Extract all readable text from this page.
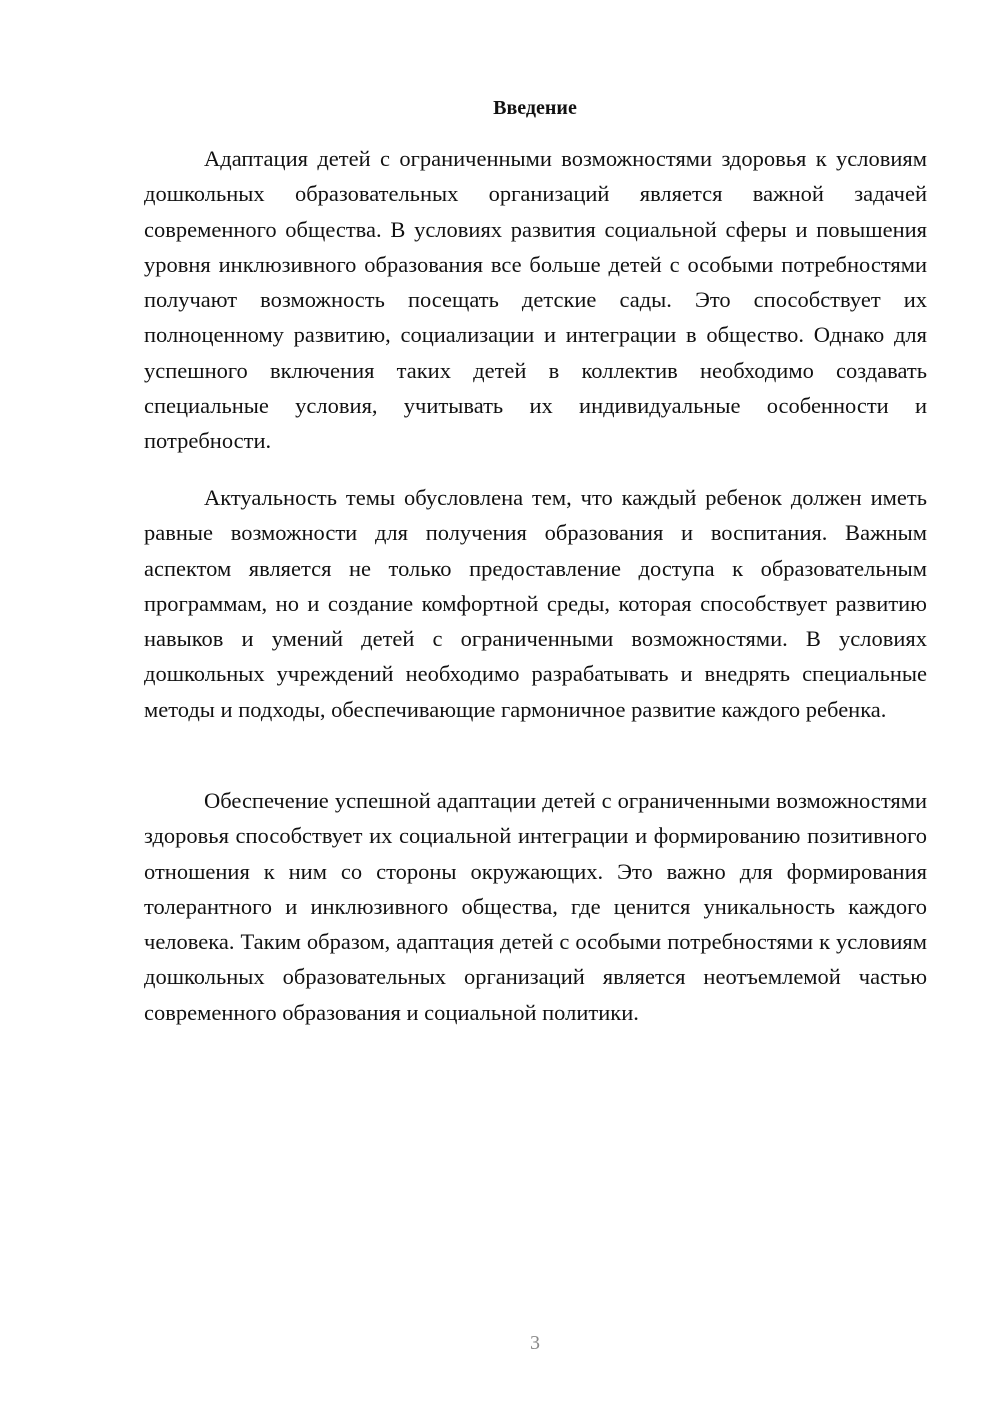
Введение

Адаптация детей с ограниченными возможностями здоровья к условиям дошкольных образовательных организаций является важной задачей современного общества. В условиях развития социальной сферы и повышения уровня инклюзивного образования все больше детей с особыми потребностями получают возможность посещать детские сады. Это способствует их полноценному развитию, социализации и интеграции в общество. Однако для успешного включения таких детей в коллектив необходимо создавать специальные условия, учитывать их индивидуальные особенности и потребности.

Актуальность темы обусловлена тем, что каждый ребенок должен иметь равные возможности для получения образования и воспитания. Важным аспектом является не только предоставление доступа к образовательным программам, но и создание комфортной среды, которая способствует развитию навыков и умений детей с ограниченными возможностями. В условиях дошкольных учреждений необходимо разрабатывать и внедрять специальные методы и подходы, обеспечивающие гармоничное развитие каждого ребенка.

Обеспечение успешной адаптации детей с ограниченными возможностями здоровья способствует их социальной интеграции и формированию позитивного отношения к ним со стороны окружающих. Это важно для формирования толерантного и инклюзивного общества, где ценится уникальность каждого человека. Таким образом, адаптация детей с особыми потребностями к условиям дошкольных образовательных организаций является неотъемлемой частью современного образования и социальной политики.

3
